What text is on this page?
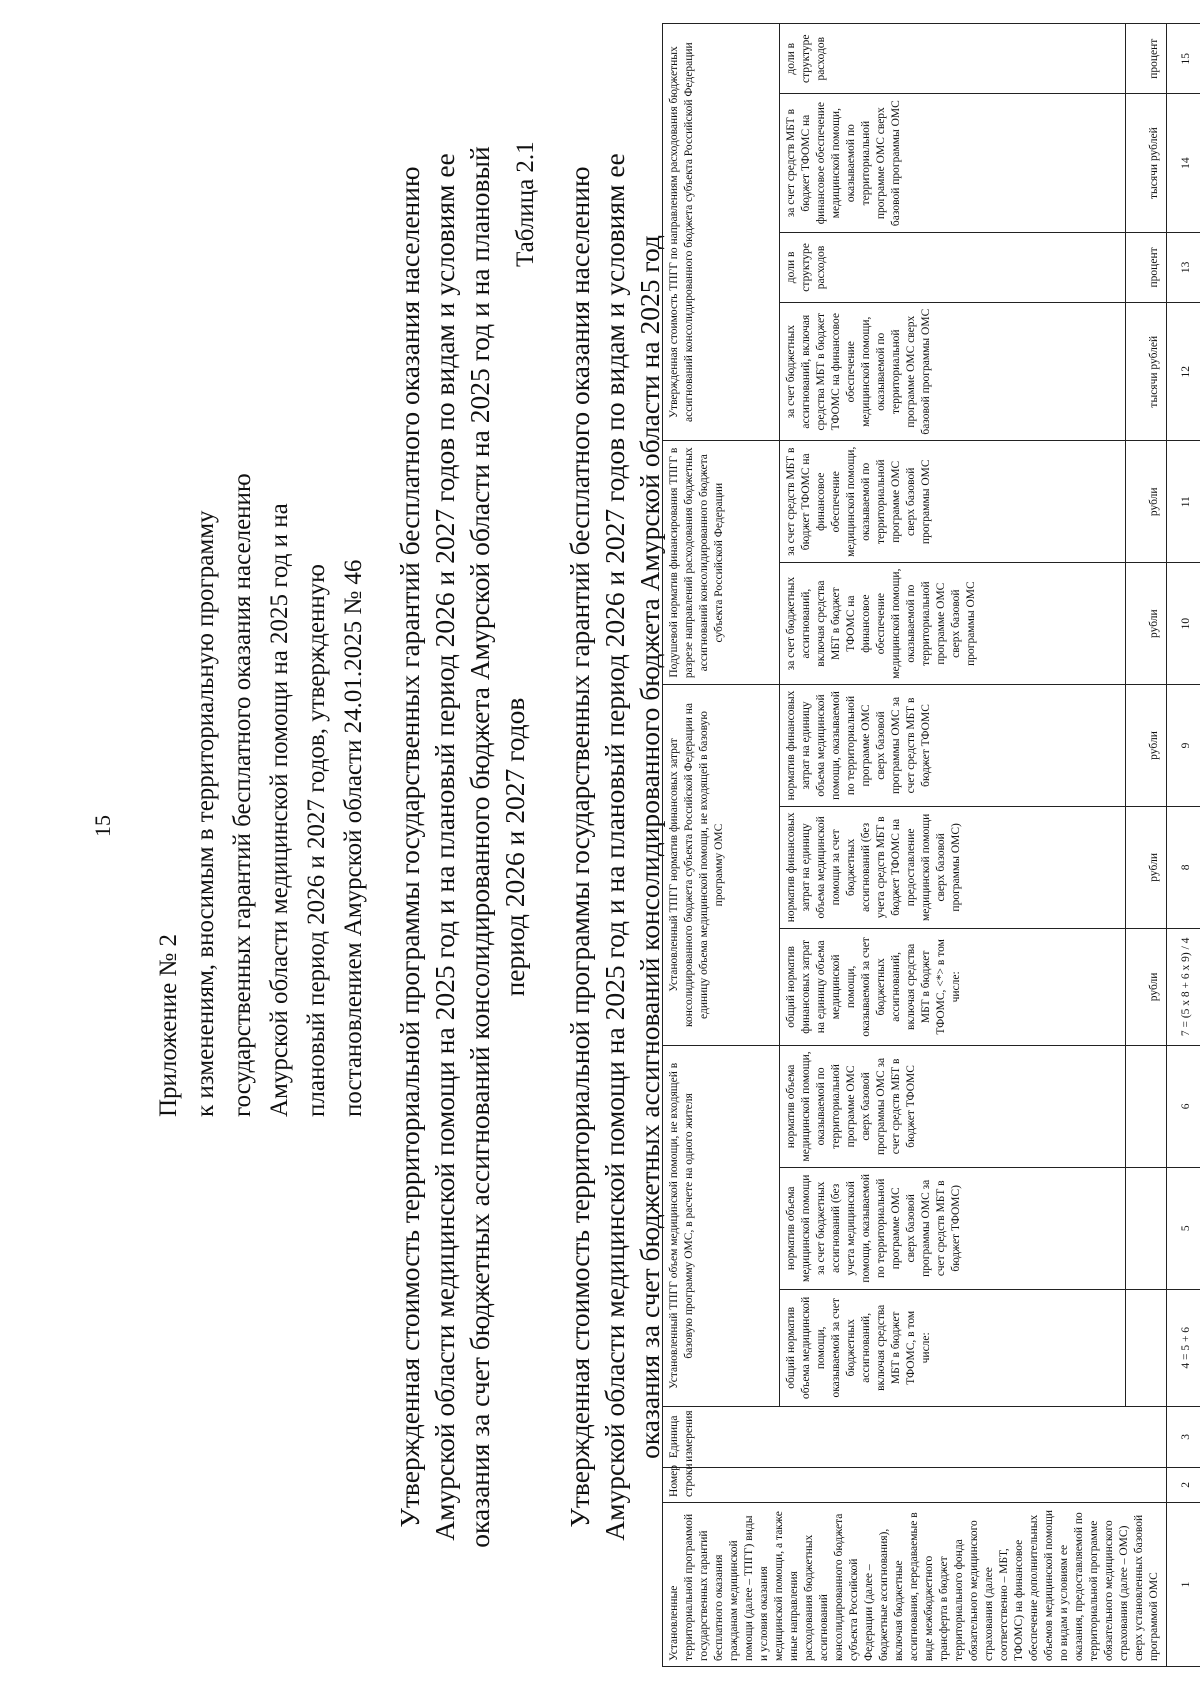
15
Приложение № 2 к изменениям, вносимым в территориальную программу государственных гарантий бесплатного оказания населению Амурской области медицинской помощи на 2025 год и на плановый период 2026 и 2027 годов, утвержденную постановлением Амурской области 24.01.2025 № 46 Утвержденная стоимость территориальной программы государственных гарантий бесплатного оказания населению Амурской области медицинской помощи на 2025 год и на плановый период 2026 и 2027 годов по видам и условиям ее оказания за счет бюджетных ассигнований консолидированного бюджета Амурской области на 2025 год и на плановый период 2026 и 2027 годов
Таблица 2.1 Утвержденная стоимость территориальной программы государственных гарантий бесплатного оказания населению Амурской области медицинской помощи на 2025 год и на плановый период 2026 и 2027 годов по видам и условиям ее оказания за счет бюджетных ассигнований консолидированного бюджета Амурской области на 2025 год
Установленные территориальной программой государственных гарантий бесплатного оказания гражданам медицинской помощи (далее – ТПГГ) виды и условия оказания медицинской помощи, а также иные направления расходования бюджетных ассигнований консолидированного бюджета субъекта Российской Федерации (далее – бюджетные ассигнования), включая бюджетные ассигнования, передаваемые в виде межбюджетного трансферта в бюджет территориального фонда обязательного медицинского страхования (далее соответственно – МБТ, ТФОМС) на финансовое обеспечение дополнительных объемов медицинской помощи по видам и условиям ее оказания, предоставляемой по территориальной программе обязательного медицинского страхования (далее – ОМС) сверх установленных базовой программой ОМС	Номер строки	Единица измерения	Установленный ТПГГ объем медицинской помощи, не входящей в базовую программу ОМС, в расчете на одного жителя			Установленный ТПГГ норматив финансовых затрат консолидированного бюджета субъекта Российской Федерации на единицу объема медицинской помощи, не входящей в базовую программу ОМС			Подушевой норматив финансирования ТПГГ в разрезе направлений расходования бюджетных ассигнований консолидированного бюджета субъекта Российской Федерации		Утвержденная стоимость ТПГГ по направлениям расходования бюджетных ассигнований консолидированного бюджета субъекта Российской Федерации			
			общий норматив объема медицинской помощи, оказываемой за счет бюджетных ассигнований, включая средства МБТ в бюджет ТФОМС, в том числе:	норматив объема медицинской помощи за счет бюджетных ассигнований (без учета медицинской помощи, оказываемой по территориальной программе ОМС сверх базовой программы ОМС за счет средств МБТ в бюджет ТФОМС)	норматив объема медицинской помощи, оказываемой по территориальной программе ОМС сверх базовой программы ОМС за счет средств МБТ в бюджет ТФОМС	общий норматив финансовых затрат на единицу объема медицинской помощи, оказываемой за счет бюджетных ассигнований, включая средства МБТ в бюджет ТФОМС, <*> в том числе:	норматив финансовых затрат на единицу объема медицинской помощи за счет бюджетных ассигнований (без учета средств МБТ в бюджет ТФОМС на предоставление медицинской помощи сверх базовой программы ОМС)	норматив финансовых затрат на единицу объема медицинской помощи, оказываемой по территориальной программе ОМС сверх базовой программы ОМС за счет средств МБТ в бюджет ТФОМС	за счет бюджетных ассигнований, включая средства МБТ в бюджет ТФОМС на финансовое обеспечение медицинской помощи, оказываемой по территориальной программе ОМС сверх базовой программы ОМС	за счет средств МБТ в бюджет ТФОМС на финансовое обеспечение медицинской помощи, оказываемой по территориальной программе ОМС сверх базовой программы ОМС	за счет бюджетных ассигнований, включая средства МБТ в бюджет ТФОМС на финансовое обеспечение медицинской помощи, оказываемой по территориальной программе ОМС сверх базовой программы ОМС	доли в структуре расходов	за счет средств МБТ в бюджет ТФОМС на финансовое обеспечение медицинской помощи, оказываемой по территориальной программе ОМС сверх базовой программы ОМС	доли в структуре расходов
						рубли	рубли	рубли	рубли	рубли	тысячи рублей	процент	тысячи рублей	процент
1	2	3	4 = 5 + 6	5	6	7 = (5 x 8 + 6 x 9) / 4	8	9	10	11	12	13	14	15
